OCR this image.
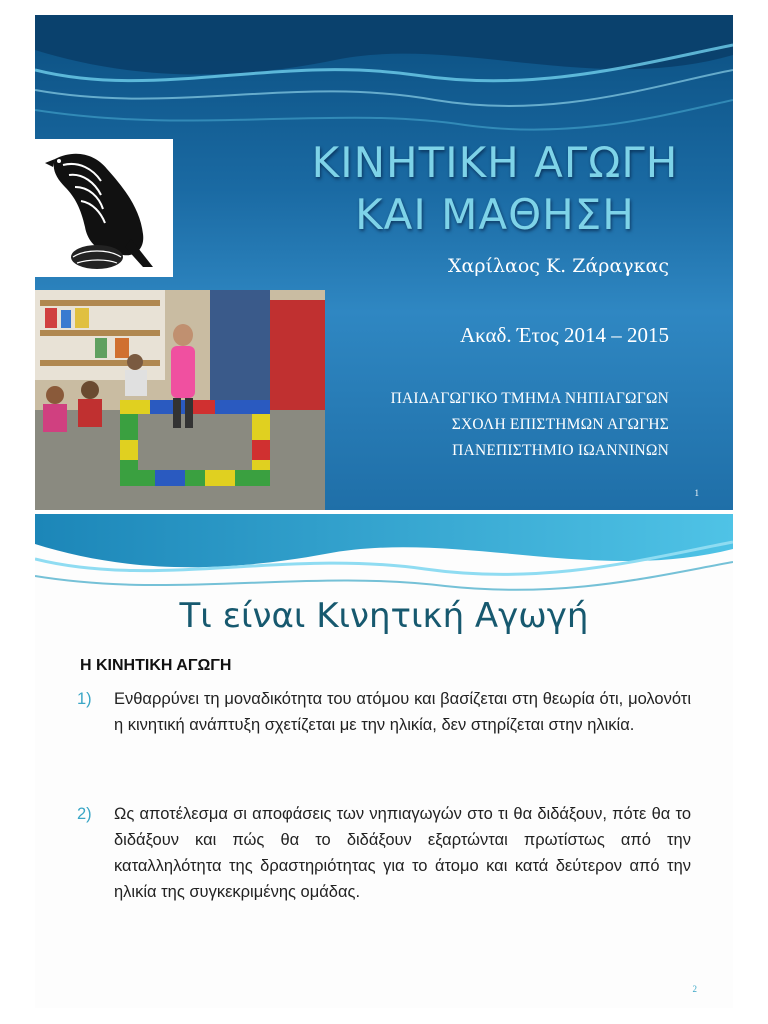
ΚΙΝΗΤΙΚΗ ΑΓΩΓΗ
ΚΑΙ ΜΑΘΗΣΗ
Χαρίλαος Κ. Ζάραγκας
Ακαδ. Έτος 2014 – 2015
ΠΑΙΔΑΓΩΓΙΚΟ ΤΜΗΜΑ ΝΗΠΙΑΓΩΓΩΝ
ΣΧΟΛΗ ΕΠΙΣΤΗΜΩΝ ΑΓΩΓΗΣ
ΠΑΝΕΠΙΣΤΗΜΙΟ ΙΩΑΝΝΙΝΩΝ
1
Τι είναι Κινητική Αγωγή
Η ΚΙΝΗΤΙΚΗ ΑΓΩΓΗ
1) Ενθαρρύνει τη μοναδικότητα του ατόμου και βασίζεται στη θεωρία ότι, μολονότι η κινητική ανάπτυξη σχετίζεται με την ηλικία, δεν στηρίζεται στην ηλικία.
2) Ως αποτέλεσμα σι αποφάσεις των νηπιαγωγών στο τι θα διδάξουν, πότε θα το διδάξουν και πώς θα το διδάξουν εξαρτώνται πρωτίστως από την καταλληλότητα της δραστηριότητας για το άτομο και κατά δεύτερον από την ηλικία της συγκεκριμένης ομάδας.
2
